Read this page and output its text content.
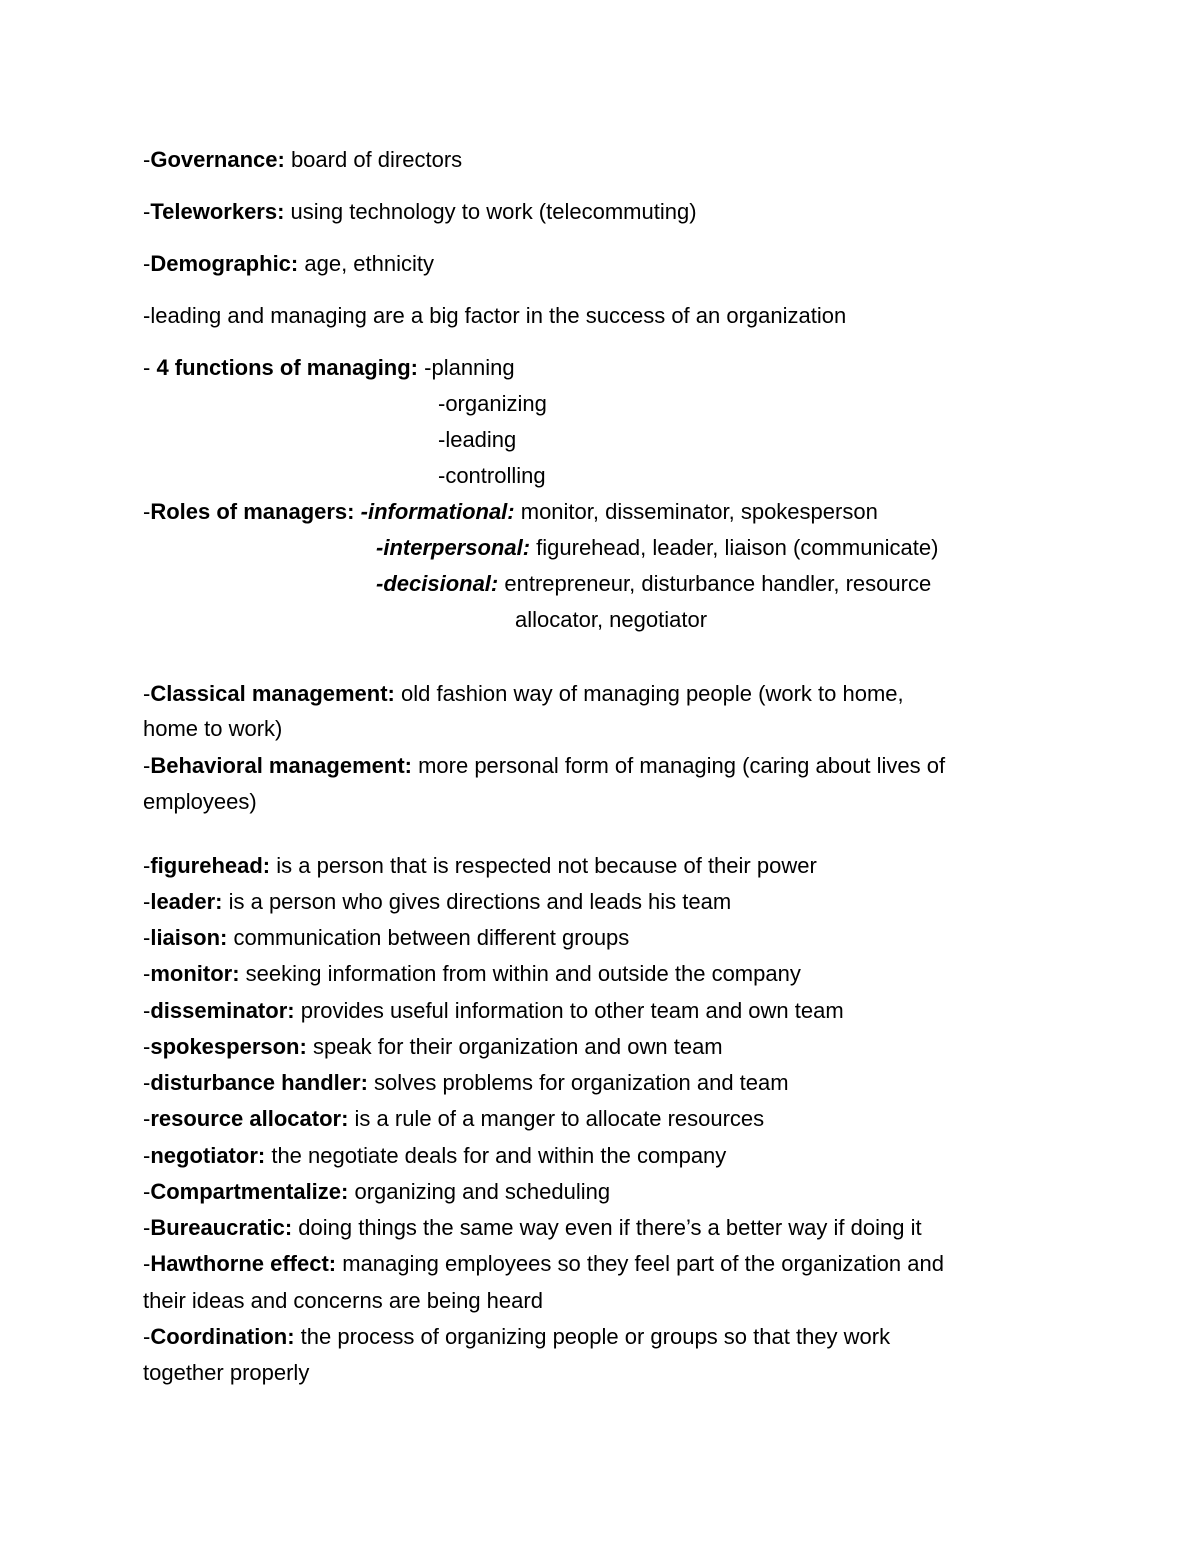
-Governance: board of directors
-Teleworkers: using technology to work (telecommuting)
-Demographic: age, ethnicity
-leading and managing are a big factor in the success of an organization
- 4 functions of managing: -planning
-organizing
-leading
-controlling
-Roles of managers: -informational: monitor, disseminator, spokesperson
-interpersonal: figurehead, leader, liaison (communicate)
-decisional: entrepreneur, disturbance handler, resource
allocator, negotiator
-Classical management: old fashion way of managing people (work to home,
home to work)
-Behavioral management: more personal form of managing (caring about lives of
employees)
-figurehead: is a person that is respected not because of their power
-leader: is a person who gives directions and leads his team
-liaison: communication between different groups
-monitor: seeking information from within and outside the company
-disseminator: provides useful information to other team and own team
-spokesperson: speak for their organization and own team
-disturbance handler: solves problems for organization and team
-resource allocator: is a rule of a manger to allocate resources
-negotiator: the negotiate deals for and within the company
-Compartmentalize: organizing and scheduling
-Bureaucratic: doing things the same way even if there’s a better way if doing it
-Hawthorne effect: managing employees so they feel part of the organization and
their ideas and concerns are being heard
-Coordination: the process of organizing people or groups so that they work
together properly
